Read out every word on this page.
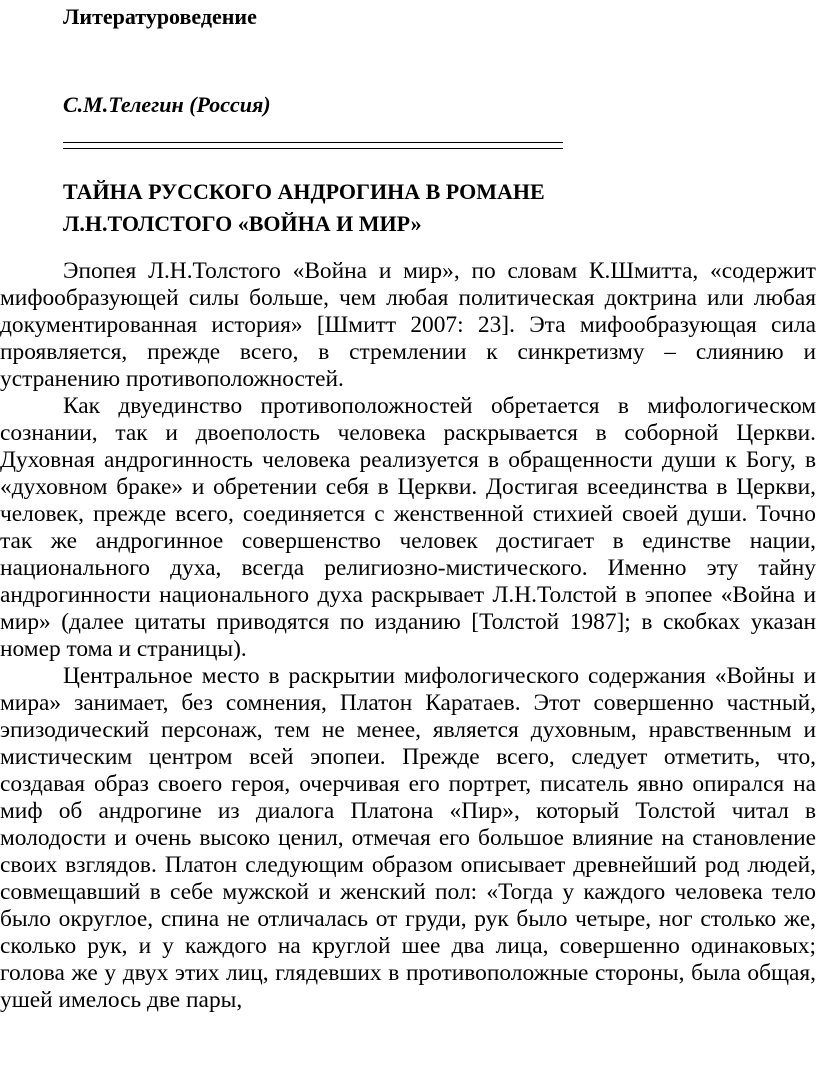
Литературоведение
С.М.Телегин (Россия)
ТАЙНА РУССКОГО АНДРОГИНА В РОМАНЕ
Л.Н.ТОЛСТОГО «ВОЙНА И МИР»

Эпопея Л.Н.Толстого «Война и мир», по словам К.Шмитта, «содержит мифообразующей силы больше, чем любая политическая доктрина или любая документированная история» [Шмитт 2007: 23]. Эта мифообразующая сила проявляется, прежде всего, в стремлении к синкретизму – слиянию и устранению противоположностей.

Как двуединство противоположностей обретается в мифологическом сознании, так и двоеполость человека раскрывается в соборной Церкви. Духовная андрогинность человека реализуется в обращенности души к Богу, в «духовном браке» и обретении себя в Церкви. Достигая всеединства в Церкви, человек, прежде всего, соединяется с женственной стихией своей души. Точно так же андрогинное совершенство человек достигает в единстве нации, национального духа, всегда религиозно-мистического. Именно эту тайну андрогинности национального духа раскрывает Л.Н.Толстой в эпопее «Война и мир» (далее цитаты приводятся по изданию [Толстой 1987]; в скобках указан номер тома и страницы).

Центральное место в раскрытии мифологического содержания «Войны и мира» занимает, без сомнения, Платон Каратаев. Этот совершенно частный, эпизодический персонаж, тем не менее, является духовным, нравственным и мистическим центром всей эпопеи. Прежде всего, следует отметить, что, создавая образ своего героя, очерчивая его портрет, писатель явно опирался на миф об андрогине из диалога Платона «Пир», который Толстой читал в молодости и очень высоко ценил, отмечая его большое влияние на становление своих взглядов. Платон следующим образом описывает древнейший род людей, совмещавший в себе мужской и женский пол: «Тогда у каждого человека тело было округлое, спина не отличалась от груди, рук было четыре, ног столько же, сколько рук, и у каждого на круглой шее два лица, совершенно одинаковых; голова же у двух этих лиц, глядевших в противоположные стороны, была общая, ушей имелось две пары,
